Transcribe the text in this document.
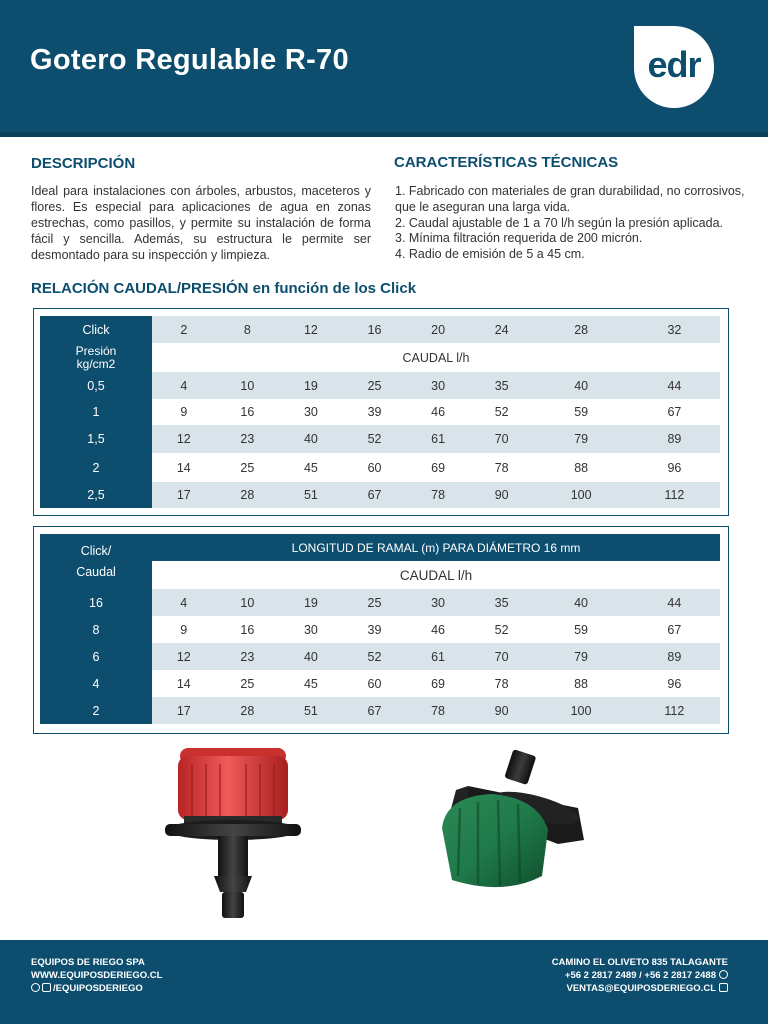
Gotero Regulable R-70	edr
DESCRIPCIÓN
Ideal para instalaciones con árboles, arbustos, maceteros y flores. Es especial para aplicaciones de agua en zonas estrechas, como pasillos, y permite su instalación de forma fácil y sencilla. Además, su estructura le permite ser desmontado para su inspección y limpieza.
CARACTERÍSTICAS TÉCNICAS
1. Fabricado con materiales de gran durabilidad, no corrosivos, que le aseguran una larga vida.
2. Caudal ajustable de 1 a 70 l/h según la presión aplicada.
3. Mínima filtración requerida de 200 micrón.
4. Radio de emisión de 5 a 45 cm.
RELACIÓN CAUDAL/PRESIÓN en función de los Click
Click	2	8	12	16	20	24	28	32
Presión kg/cm2	CAUDAL l/h							
0,5	4	10	19	25	30	35	40	44
1	9	16	30	39	46	52	59	67
1,5	12	23	40	52	61	70	79	89
2	14	25	45	60	69	78	88	96
2,5	17	28	51	67	78	90	100	112
Click/
Caudal	LONGITUD DE RAMAL (m) PARA DIÁMETRO 16 mm							
	CAUDAL l/h							
16	4	10	19	25	30	35	40	44
8	9	16	30	39	46	52	59	67
6	12	23	40	52	61	70	79	89
4	14	25	45	60	69	78	88	96
2	17	28	51	67	78	90	100	112
EQUIPOS DE RIEGO SPA
WWW.EQUIPOSDERIEGO.CL
/EQUIPOSDERIEGO
CAMINO EL OLIVETO 835 TALAGANTE
+56 2 2817 2489 / +56 2 2817 2488
VENTAS@EQUIPOSDERIEGO.CL
